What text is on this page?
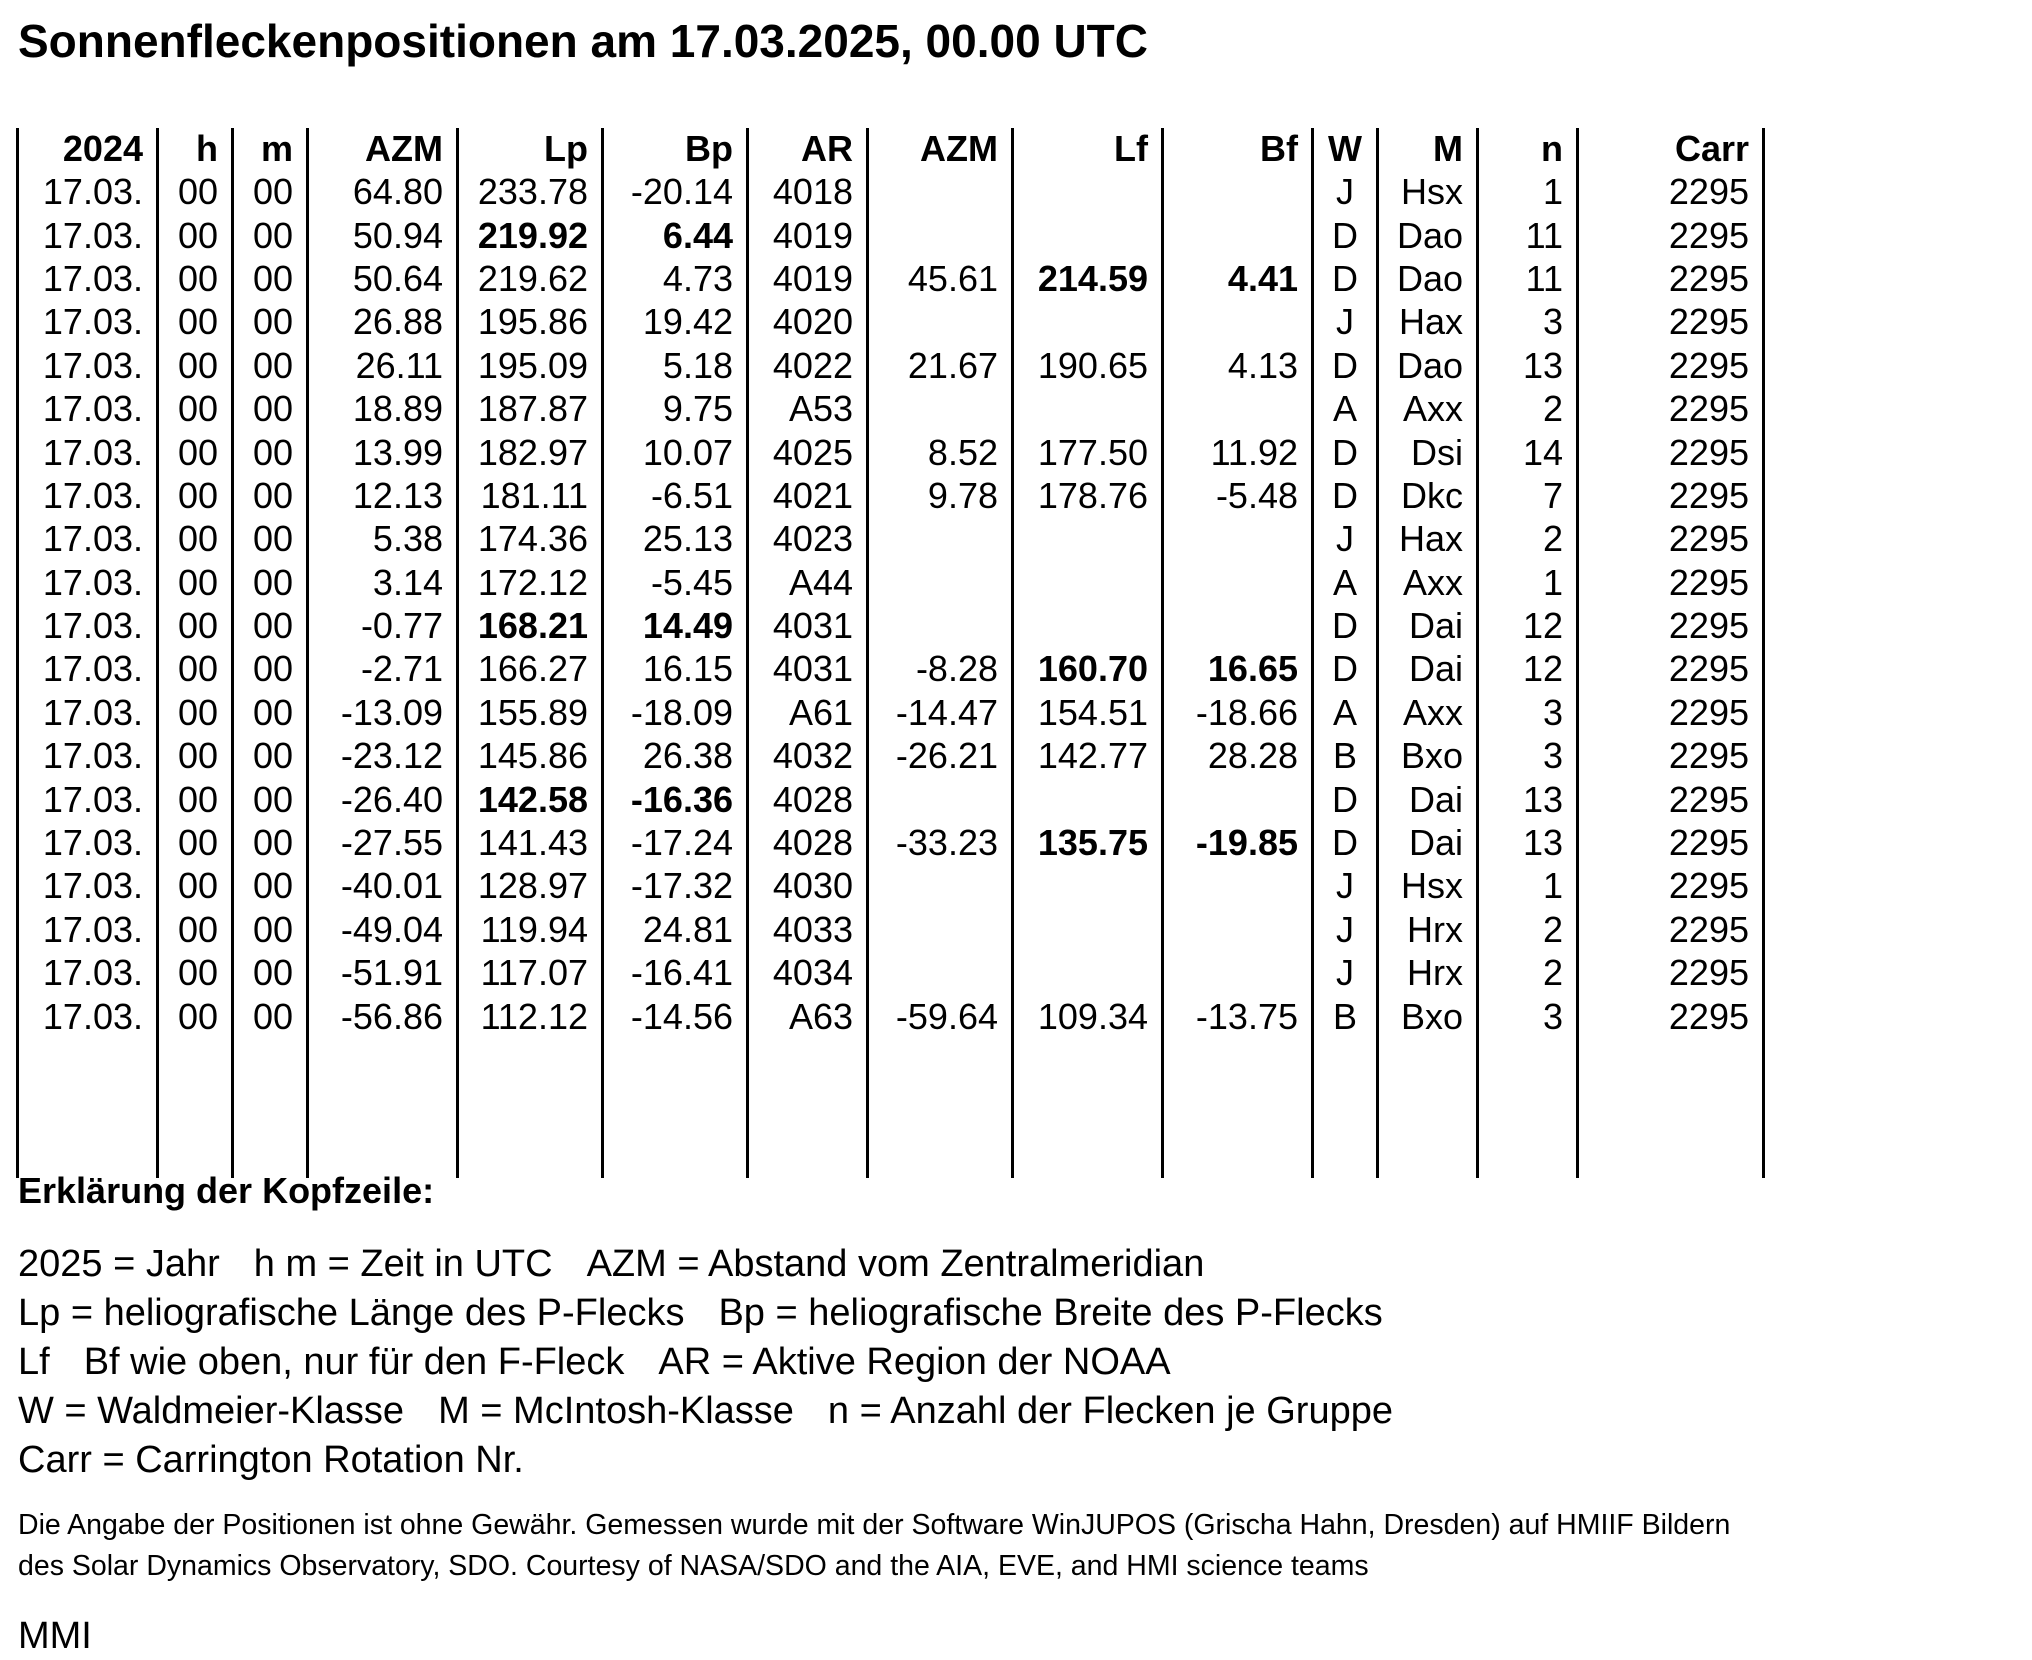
Sonnenfleckenpositionen am 17.03.2025, 00.00 UTC
2024	h	m	AZM	Lp	Bp	AR	AZM	Lf	Bf	W	M	n	Carr
17.03.	00	00	64.80	233.78	-20.14	4018				J	Hsx	1	2295
17.03.	00	00	50.94	219.92	6.44	4019				D	Dao	11	2295
17.03.	00	00	50.64	219.62	4.73	4019	45.61	214.59	4.41	D	Dao	11	2295
17.03.	00	00	26.88	195.86	19.42	4020				J	Hax	3	2295
17.03.	00	00	26.11	195.09	5.18	4022	21.67	190.65	4.13	D	Dao	13	2295
17.03.	00	00	18.89	187.87	9.75	A53				A	Axx	2	2295
17.03.	00	00	13.99	182.97	10.07	4025	8.52	177.50	11.92	D	Dsi	14	2295
17.03.	00	00	12.13	181.11	-6.51	4021	9.78	178.76	-5.48	D	Dkc	7	2295
17.03.	00	00	5.38	174.36	25.13	4023				J	Hax	2	2295
17.03.	00	00	3.14	172.12	-5.45	A44				A	Axx	1	2295
17.03.	00	00	-0.77	168.21	14.49	4031				D	Dai	12	2295
17.03.	00	00	-2.71	166.27	16.15	4031	-8.28	160.70	16.65	D	Dai	12	2295
17.03.	00	00	-13.09	155.89	-18.09	A61	-14.47	154.51	-18.66	A	Axx	3	2295
17.03.	00	00	-23.12	145.86	26.38	4032	-26.21	142.77	28.28	B	Bxo	3	2295
17.03.	00	00	-26.40	142.58	-16.36	4028				D	Dai	13	2295
17.03.	00	00	-27.55	141.43	-17.24	4028	-33.23	135.75	-19.85	D	Dai	13	2295
17.03.	00	00	-40.01	128.97	-17.32	4030				J	Hsx	1	2295
17.03.	00	00	-49.04	119.94	24.81	4033				J	Hrx	2	2295
17.03.	00	00	-51.91	117.07	-16.41	4034				J	Hrx	2	2295
17.03.	00	00	-56.86	112.12	-14.56	A63	-59.64	109.34	-13.75	B	Bxo	3	2295

Erklärung der Kopfzeile:
2025 = Jahr h m = Zeit in UTC AZM = Abstand vom Zentralmeridian
Lp = heliografische Länge des P-Flecks Bp = heliografische Breite des P-Flecks
Lf Bf wie oben, nur für den F-Fleck AR = Aktive Region der NOAA
W = Waldmeier-Klasse M = McIntosh-Klasse n = Anzahl der Flecken je Gruppe
Carr = Carrington Rotation Nr.
Die Angabe der Positionen ist ohne Gewähr. Gemessen wurde mit der Software WinJUPOS (Grischa Hahn, Dresden) auf HMIIF Bildern
des Solar Dynamics Observatory, SDO. Courtesy of NASA/SDO and the AIA, EVE, and HMI science teams
MMI
